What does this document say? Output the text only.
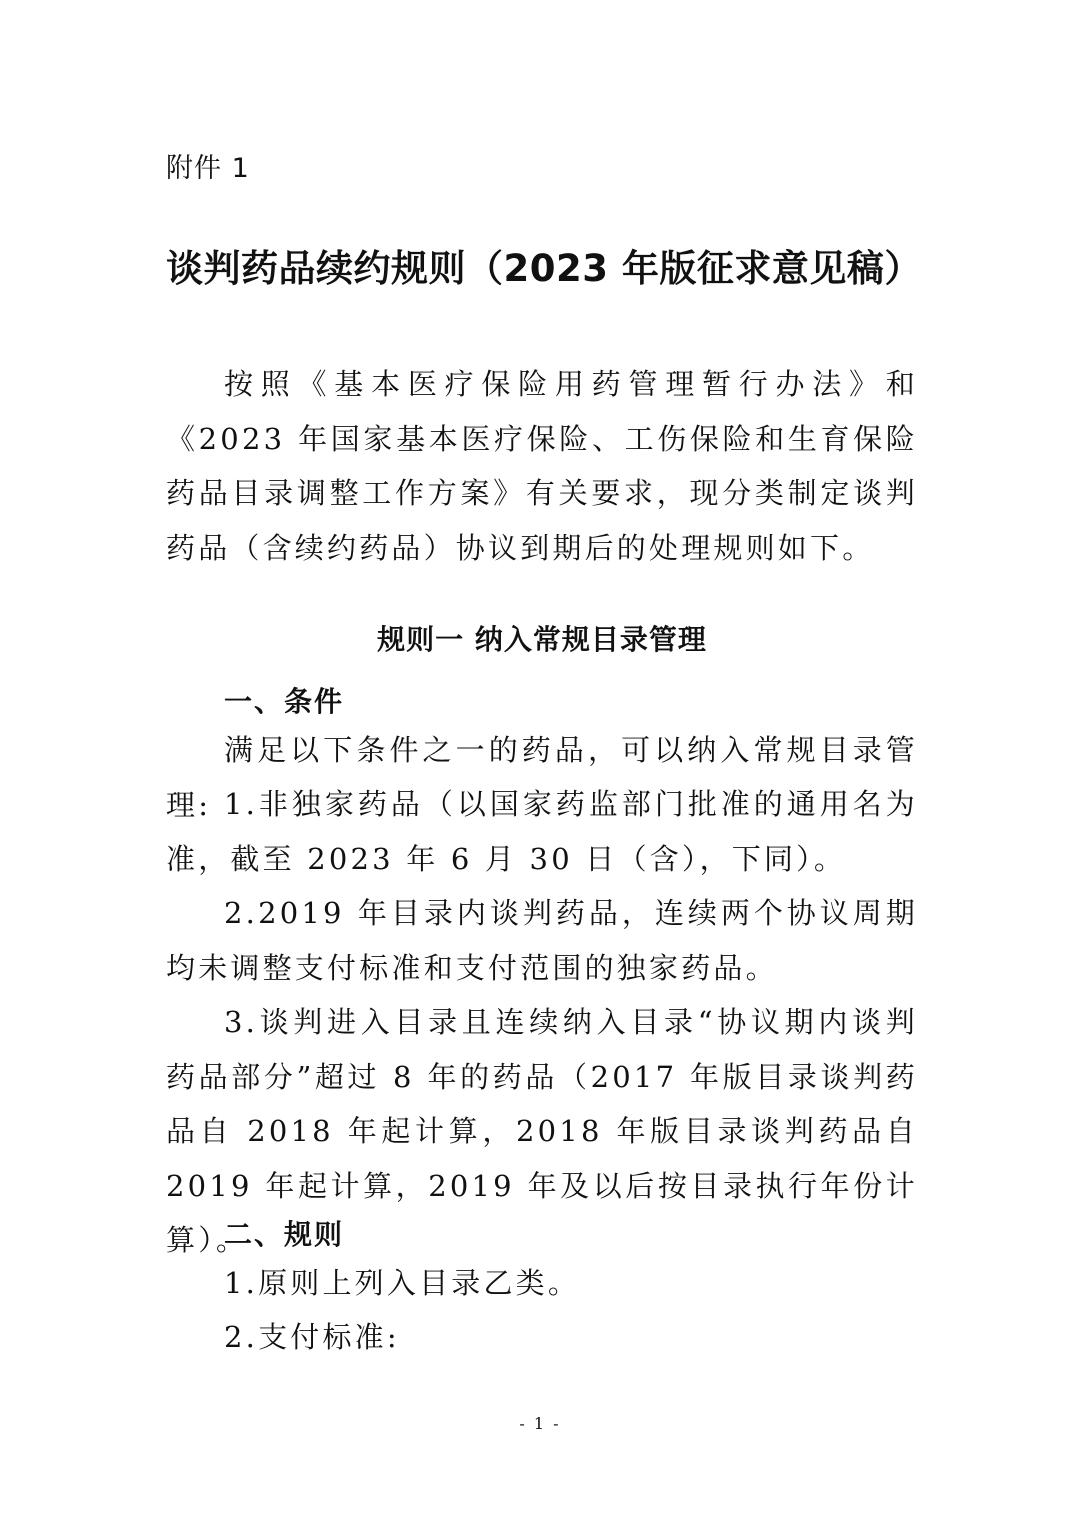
附件 1
谈判药品续约规则（2023 年版征求意见稿）

按照《基本医疗保险用药管理暂行办法》和《2023 年国家基本医疗保险、工伤保险和生育保险药品目录调整工作方案》有关要求，现分类制定谈判药品（含续约药品）协议到期后的处理规则如下。

规则一 纳入常规目录管理
一、条件

满足以下条件之一的药品，可以纳入常规目录管理: 1.非独家药品（以国家药监部门批准的通用名为准，截至 2023 年 6 月 30 日（含），下同）。

2.2019 年目录内谈判药品，连续两个协议周期均未调整支付标准和支付范围的独家药品。

3.谈判进入目录且连续纳入目录“协议期内谈判药品部分”超过 8 年的药品（2017 年版目录谈判药品自 2018 年起计算，2018 年版目录谈判药品自 2019 年起计算，2019 年及以后按目录执行年份计算）。

二、规则

1.原则上列入目录乙类。

2.支付标准:

- 1 -
